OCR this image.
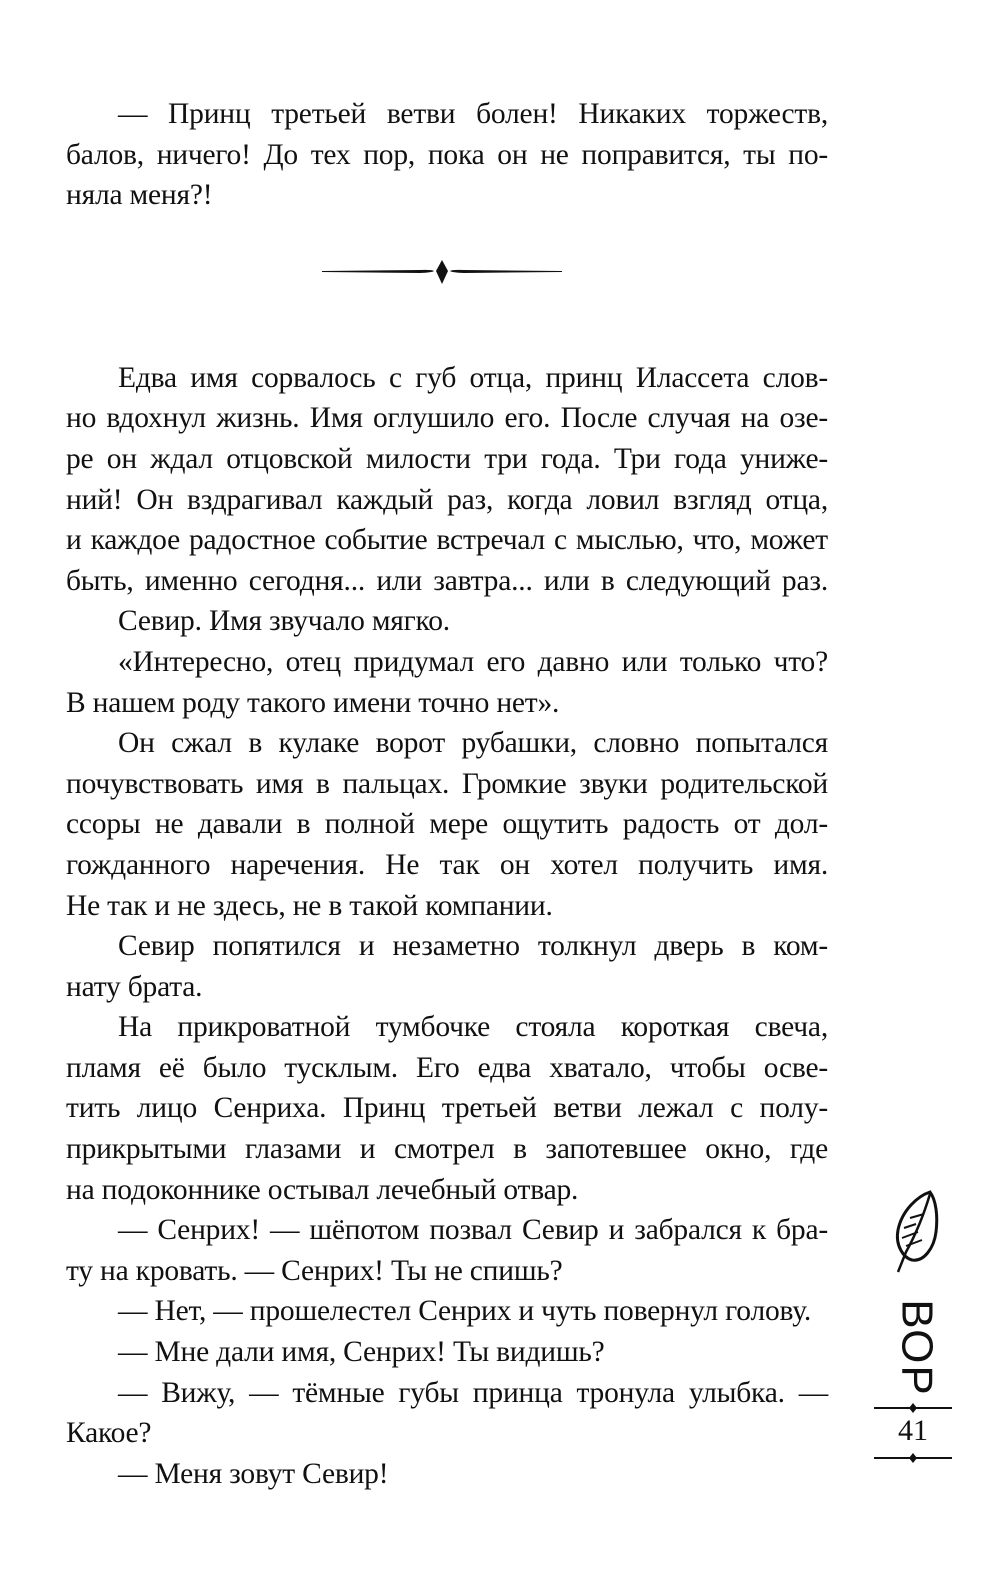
— Принц третьей ветви болен! Никаких торжеств,
балов, ничего! До тех пор, пока он не поправится, ты по-
няла меня?!

Едва имя сорвалось с губ отца, принц Илассета слов-
но вдохнул жизнь. Имя оглушило его. После случая на озе-
ре он ждал отцовской милости три года. Три года униже-
ний! Он вздрагивал каждый раз, когда ловил взгляд отца,
и каждое радостное событие встречал с мыслью, что, может
быть, именно сегодня... или завтра... или в следующий раз.

Севир. Имя звучало мягко.

«Интересно, отец придумал его давно или только что?
В нашем роду такого имени точно нет».

Он сжал в кулаке ворот рубашки, словно попытался
почувствовать имя в пальцах. Громкие звуки родительской
ссоры не давали в полной мере ощутить радость от дол-
гожданного наречения. Не так он хотел получить имя.
Не так и не здесь, не в такой компании.

Севир попятился и незаметно толкнул дверь в ком-
нату брата.

На прикроватной тумбочке стояла короткая свеча,
пламя её было тусклым. Его едва хватало, чтобы осве-
тить лицо Сенриха. Принц третьей ветви лежал с полу-
прикрытыми глазами и смотрел в запотевшее окно, где
на подоконнике остывал лечебный отвар.

— Сенрих! — шёпотом позвал Севир и забрался к бра-
ту на кровать. — Сенрих! Ты не спишь?

— Нет, — прошелестел Сенрих и чуть повернул голову.

— Мне дали имя, Сенрих! Ты видишь?

— Вижу, — тёмные губы принца тронула улыбка. —
Какое?

— Меня зовут Севир!

ВОР
41
